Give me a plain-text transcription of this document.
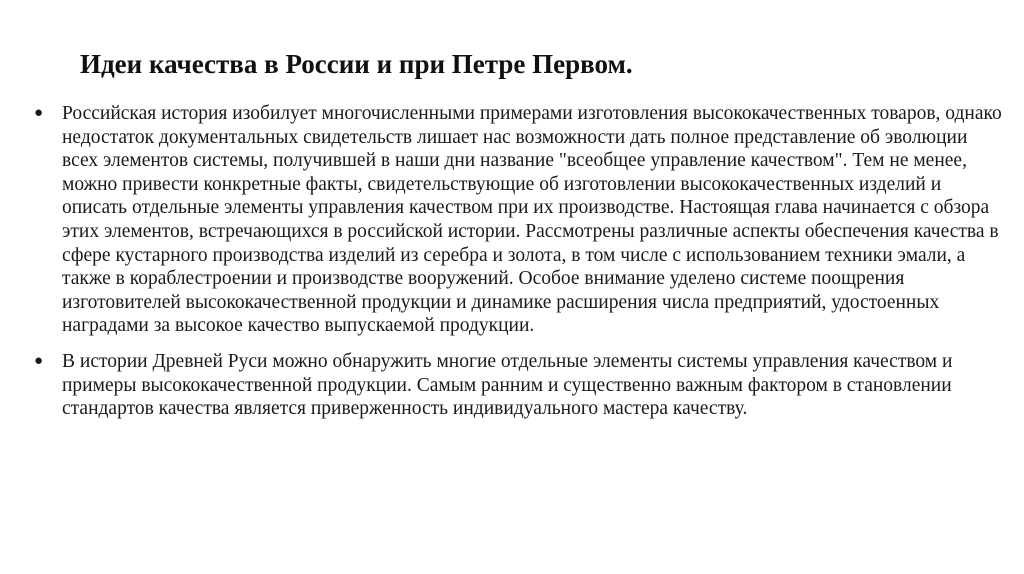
Идеи качества в России и при Петре Первом.
● Российская история изобилует многочисленными примерами изготовления высококачественных товаров, однако недостаток документальных свидетельств лишает нас возможности дать полное представление об эволюции всех элементов системы, получившей в наши дни название "всеобщее управление качеством". Тем не менее, можно привести конкретные факты, свидетельствующие об изготовлении высококачественных изделий и описать отдельные элементы управления качеством при их производстве. Настоящая глава начинается с обзора этих элементов, встречающихся в российской истории. Рассмотрены различные аспекты обеспечения качества в сфере кустарного производства изделий из серебра и золота, в том числе с использованием техники эмали, а также в кораблестроении и производстве вооружений. Особое внимание уделено системе поощрения изготовителей высококачественной продукции и динамике расширения числа предприятий, удостоенных наградами за высокое качество выпускаемой продукции.
● В истории Древней Руси можно обнаружить многие отдельные элементы системы управления качеством и примеры высококачественной продукции. Самым ранним и существенно важным фактором в становлении стандартов качества является приверженность индивидуального мастера качеству.
